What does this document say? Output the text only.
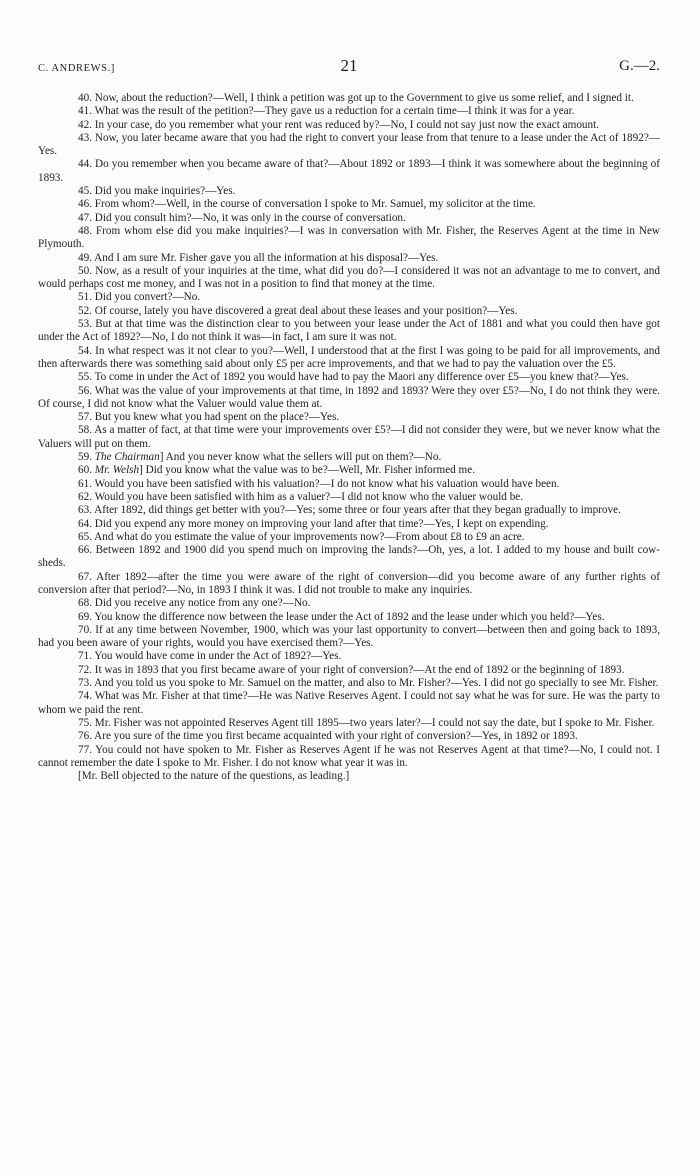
C. ANDREWS.]	21	G.—2.

40. Now, about the reduction?—Well, I think a petition was got up to the Government to give us some relief, and I signed it.

41. What was the result of the petition?—They gave us a reduction for a certain time—I think it was for a year.

42. In your case, do you remember what your rent was reduced by?—No, I could not say just now the exact amount.

43. Now, you later became aware that you had the right to convert your lease from that tenure to a lease under the Act of 1892?—Yes.

44. Do you remember when you became aware of that?—About 1892 or 1893—I think it was somewhere about the beginning of 1893.

45. Did you make inquiries?—Yes.

46. From whom?—Well, in the course of conversation I spoke to Mr. Samuel, my solicitor at the time.

47. Did you consult him?—No, it was only in the course of conversation.

48. From whom else did you make inquiries?—I was in conversation with Mr. Fisher, the Reserves Agent at the time in New Plymouth.

49. And I am sure Mr. Fisher gave you all the information at his disposal?—Yes.

50. Now, as a result of your inquiries at the time, what did you do?—I considered it was not an advantage to me to convert, and would perhaps cost me money, and I was not in a position to find that money at the time.

51. Did you convert?—No.

52. Of course, lately you have discovered a great deal about these leases and your position?—Yes.

53. But at that time was the distinction clear to you between your lease under the Act of 1881 and what you could then have got under the Act of 1892?—No, I do not think it was—in fact, I am sure it was not.

54. In what respect was it not clear to you?—Well, I understood that at the first I was going to be paid for all improvements, and then afterwards there was something said about only £5 per acre improvements, and that we had to pay the valuation over the £5.

55. To come in under the Act of 1892 you would have had to pay the Maori any difference over £5—you knew that?—Yes.

56. What was the value of your improvements at that time, in 1892 and 1893? Were they over £5?—No, I do not think they were. Of course, I did not know what the Valuer would value them at.

57. But you knew what you had spent on the place?—Yes.

58. As a matter of fact, at that time were your improvements over £5?—I did not consider they were, but we never know what the Valuers will put on them.

59. The Chairman] And you never know what the sellers will put on them?—No.

60. Mr. Welsh] Did you know what the value was to be?—Well, Mr. Fisher informed me.

61. Would you have been satisfied with his valuation?—I do not know what his valuation would have been.

62. Would you have been satisfied with him as a valuer?—I did not know who the valuer would be.

63. After 1892, did things get better with you?—Yes; some three or four years after that they began gradually to improve.

64. Did you expend any more money on improving your land after that time?—Yes, I kept on expending.

65. And what do you estimate the value of your improvements now?—From about £8 to £9 an acre.

66. Between 1892 and 1900 did you spend much on improving the lands?—Oh, yes, a lot. I added to my house and built cow-sheds.

67. After 1892—after the time you were aware of the right of conversion—did you become aware of any further rights of conversion after that period?—No, in 1893 I think it was. I did not trouble to make any inquiries.

68. Did you receive any notice from any one?—No.

69. You know the difference now between the lease under the Act of 1892 and the lease under which you held?—Yes.

70. If at any time between November, 1900, which was your last opportunity to convert—between then and going back to 1893, had you been aware of your rights, would you have exercised them?—Yes.

71. You would have come in under the Act of 1892?—Yes.

72. It was in 1893 that you first became aware of your right of conversion?—At the end of 1892 or the beginning of 1893.

73. And you told us you spoke to Mr. Samuel on the matter, and also to Mr. Fisher?—Yes. I did not go specially to see Mr. Fisher.

74. What was Mr. Fisher at that time?—He was Native Reserves Agent. I could not say what he was for sure. He was the party to whom we paid the rent.

75. Mr. Fisher was not appointed Reserves Agent till 1895—two years later?—I could not say the date, but I spoke to Mr. Fisher.

76. Are you sure of the time you first became acquainted with your right of conversion?—Yes, in 1892 or 1893.

77. You could not have spoken to Mr. Fisher as Reserves Agent if he was not Reserves Agent at that time?—No, I could not. I cannot remember the date I spoke to Mr. Fisher. I do not know what year it was in.

[Mr. Bell objected to the nature of the questions, as leading.]
